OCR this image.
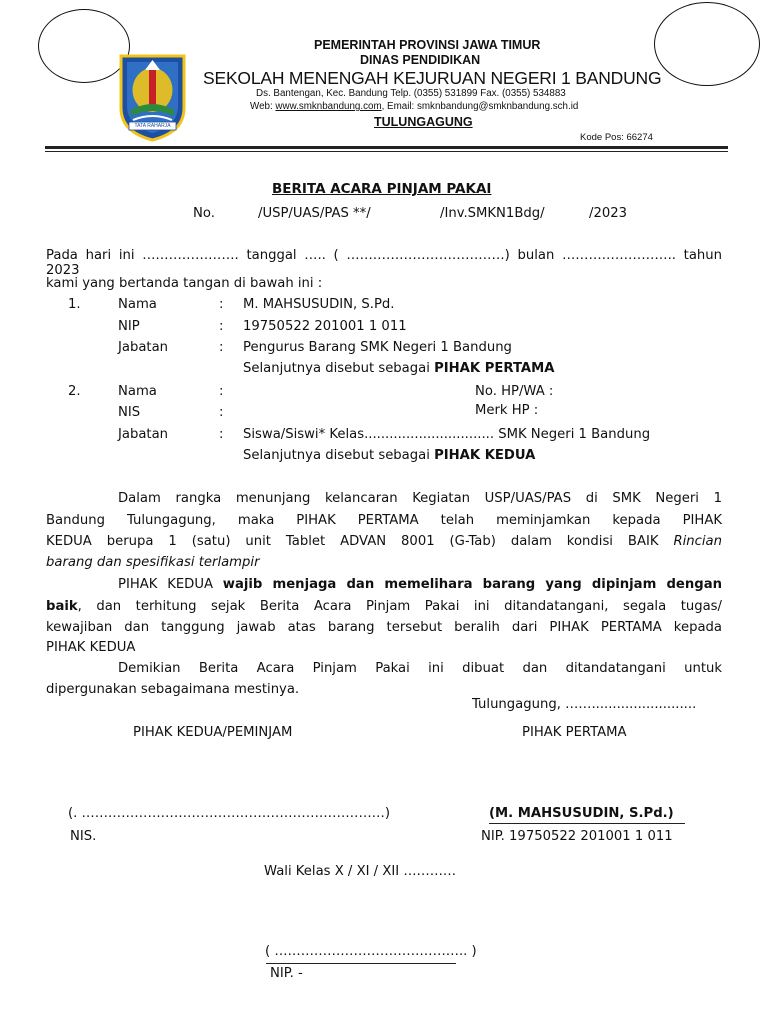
TATA RAHARJA
PEMERINTAH PROVINSI JAWA TIMUR
DINAS PENDIDIKAN
SEKOLAH MENENGAH KEJURUAN NEGERI 1 BANDUNG
Ds. Bantengan, Kec. Bandung Telp. (0355) 531899 Fax. (0355) 534883
Web: www.smknbandung.com, Email: smknbandung@smknbandung.sch.id
TULUNGAGUNG
Kode Pos: 66274
BERITA ACARA PINJAM PAKAI
No.	/USP/UAS/PAS **/	/Inv.SMKN1Bdg/	/2023
Pada hari ini …………………. tanggal ….. ( ………………………………) bulan …………………….. tahun 2023
kami yang bertanda tangan di bawah ini :
1.	Nama	: M. MAHSUSUDIN, S.Pd.
NIP	: 19750522 201001 1 011
Jabatan	: Pengurus Barang SMK Negeri 1 Bandung
Selanjutnya disebut sebagai PIHAK PERTAMA
2.	Nama	:	No. HP/WA :
NIS	:	Merk HP :
Jabatan	: Siswa/Siswi* Kelas............................... SMK Negeri 1 Bandung
Selanjutnya disebut sebagai PIHAK KEDUA
Dalam rangka menunjang kelancaran Kegiatan USP/UAS/PAS di SMK Negeri 1
Bandung Tulungagung, maka PIHAK PERTAMA telah meminjamkan kepada PIHAK
KEDUA berupa 1 (satu) unit Tablet ADVAN 8001 (G-Tab) dalam kondisi BAIK Rincian
barang dan spesifikasi terlampir
PIHAK KEDUA wajib menjaga dan memelihara barang yang dipinjam dengan
baik, dan terhitung sejak Berita Acara Pinjam Pakai ini ditandatangani, segala tugas/
kewajiban dan tanggung jawab atas barang tersebut beralih dari PIHAK PERTAMA kepada
PIHAK KEDUA
Demikian Berita Acara Pinjam Pakai ini dibuat dan ditandatangani untuk
dipergunakan sebagaimana mestinya.
Tulungagung, …….........................
PIHAK KEDUA/PEMINJAM	PIHAK PERTAMA
(. ……………………………………………………………)	(M. MAHSUSUDIN, S.Pd.)
NIS.	NIP. 19750522 201001 1 011
Wali Kelas X / XI / XII …………
( …………………………………….. )
NIP. -
